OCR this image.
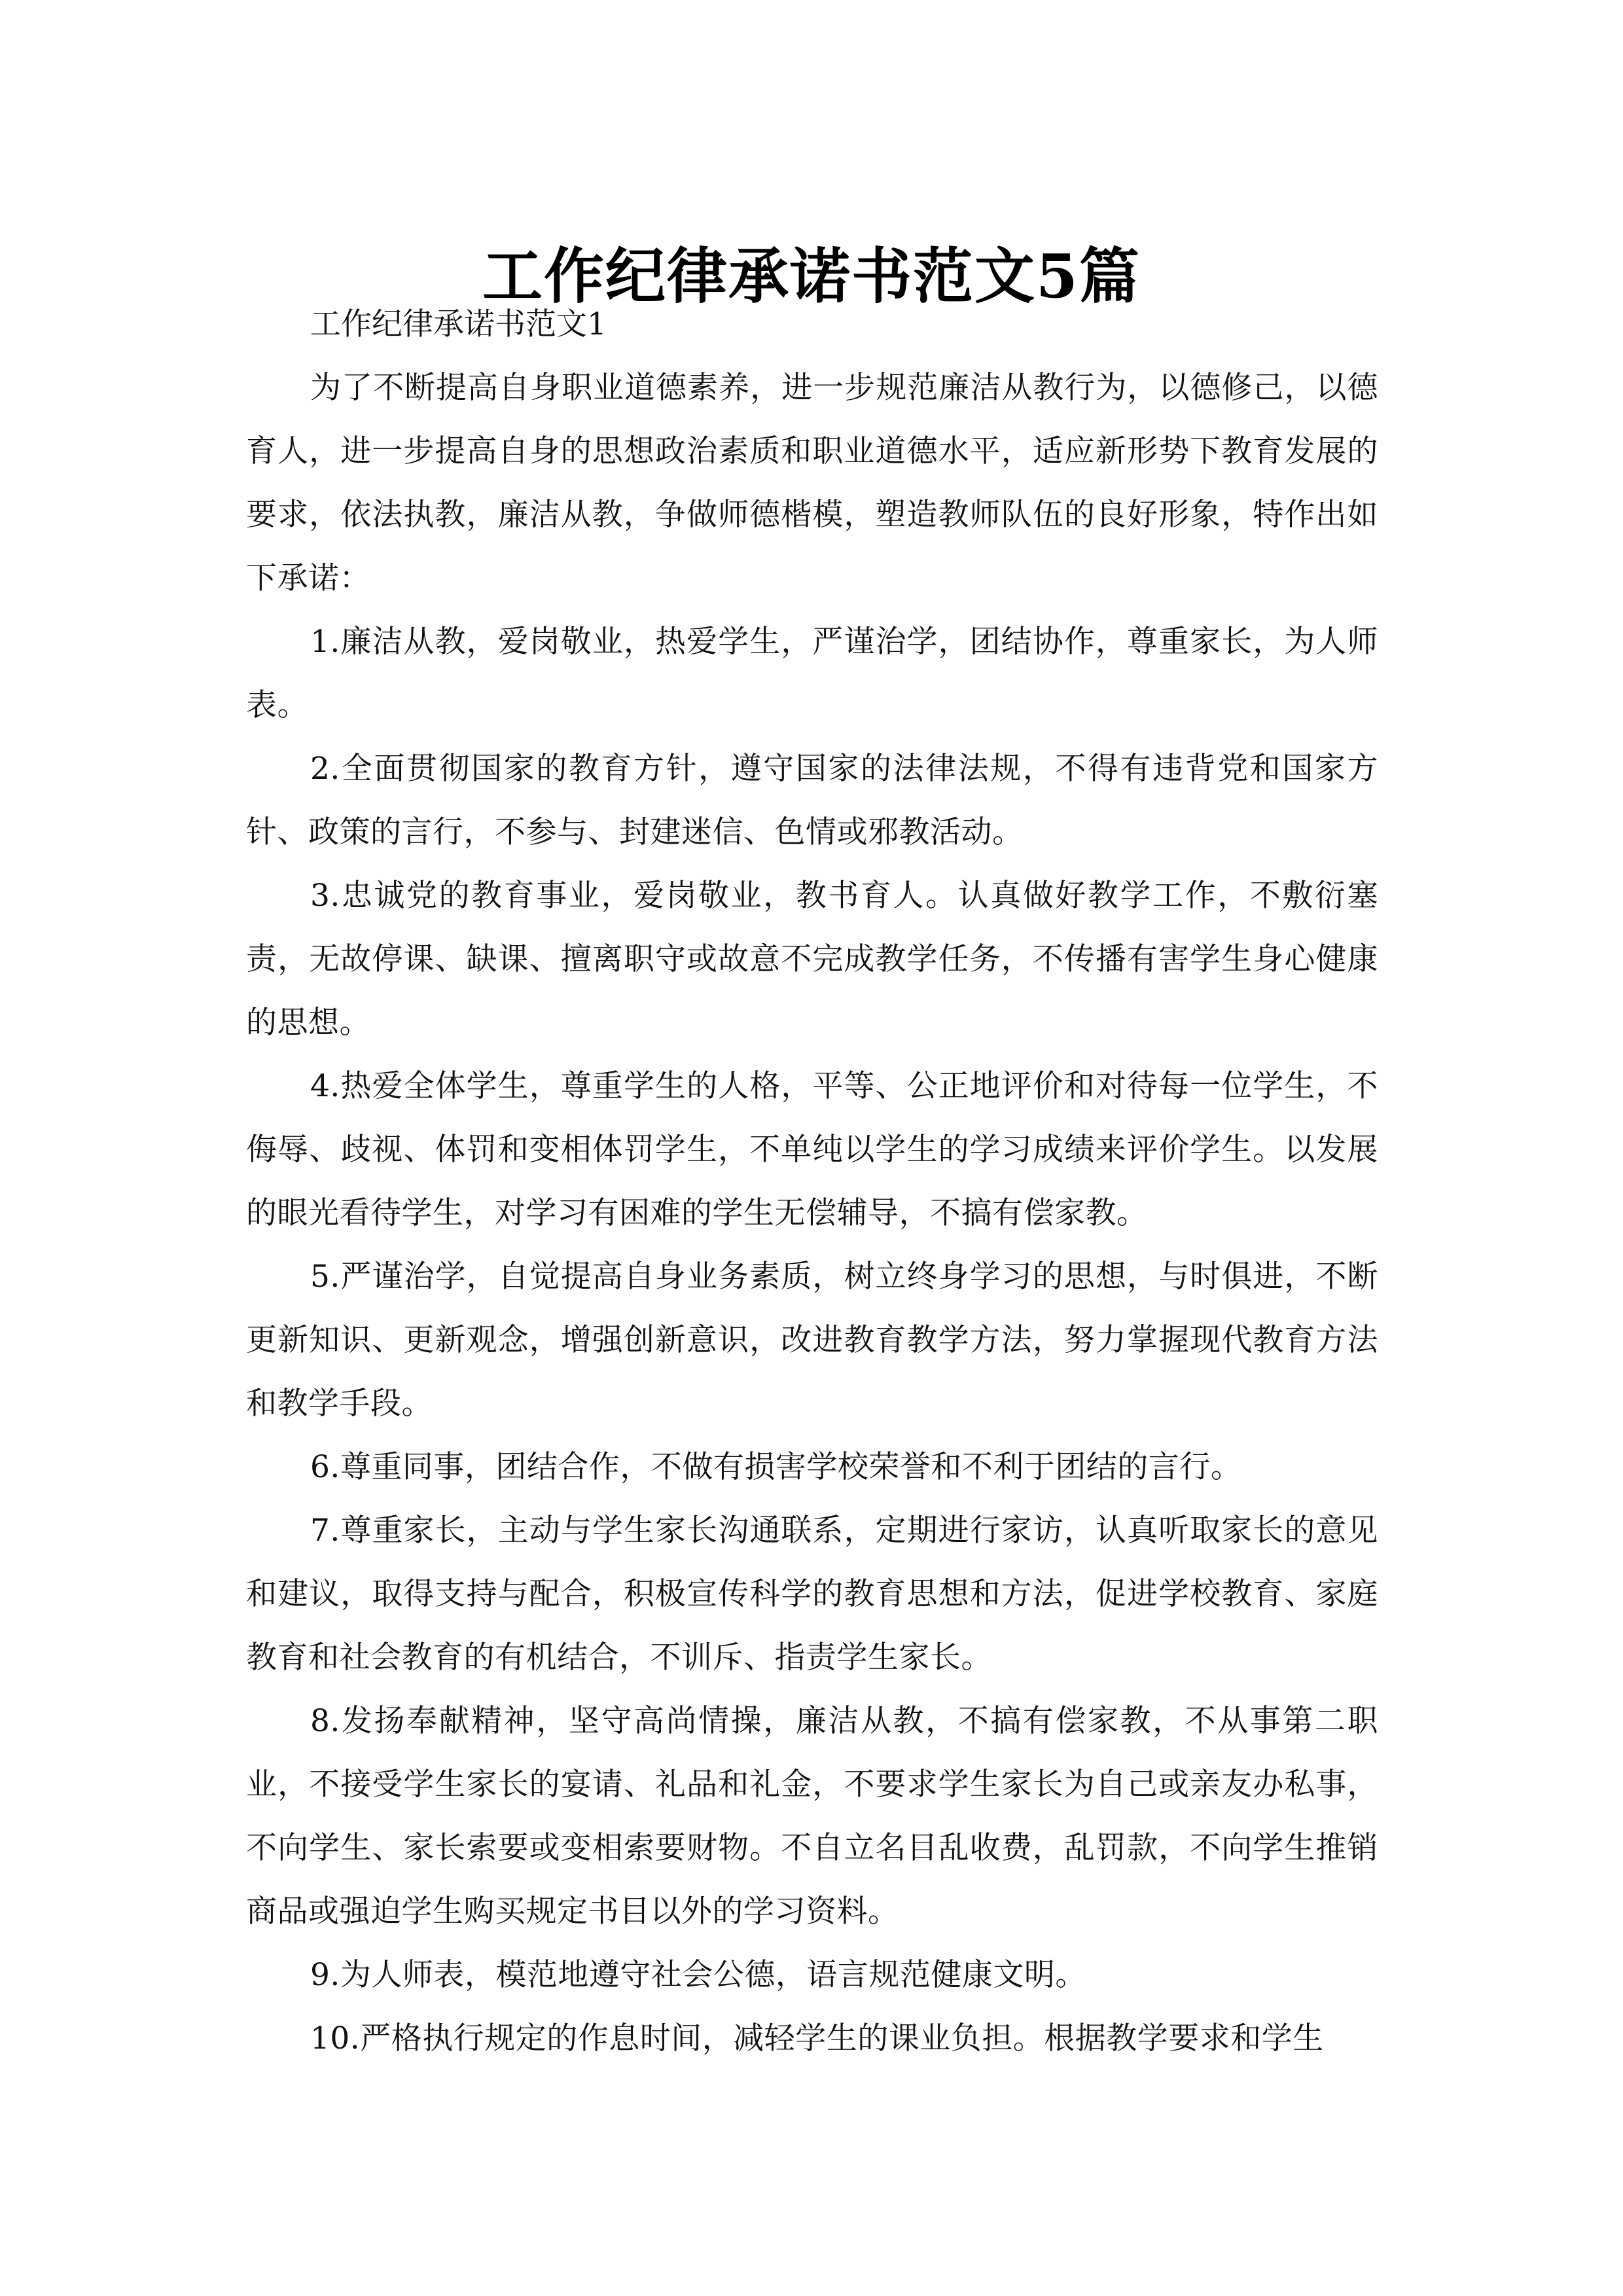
工作纪律承诺书范文5篇

工作纪律承诺书范文1

为了不断提高自身职业道德素养，进一步规范廉洁从教行为，以德修己，以德育人，进一步提高自身的思想政治素质和职业道德水平，适应新形势下教育发展的要求，依法执教，廉洁从教，争做师德楷模，塑造教师队伍的良好形象，特作出如下承诺：

1.廉洁从教，爱岗敬业，热爱学生，严谨治学，团结协作，尊重家长，为人师表。

2.全面贯彻国家的教育方针，遵守国家的法律法规，不得有违背党和国家方针、政策的言行，不参与、封建迷信、色情或邪教活动。

3.忠诚党的教育事业，爱岗敬业，教书育人。认真做好教学工作，不敷衍塞责，无故停课、缺课、擅离职守或故意不完成教学任务，不传播有害学生身心健康的思想。

4.热爱全体学生，尊重学生的人格，平等、公正地评价和对待每一位学生，不侮辱、歧视、体罚和变相体罚学生，不单纯以学生的学习成绩来评价学生。以发展的眼光看待学生，对学习有困难的学生无偿辅导，不搞有偿家教。

5.严谨治学，自觉提高自身业务素质，树立终身学习的思想，与时俱进，不断更新知识、更新观念，增强创新意识，改进教育教学方法，努力掌握现代教育方法和教学手段。

6.尊重同事，团结合作，不做有损害学校荣誉和不利于团结的言行。

7.尊重家长，主动与学生家长沟通联系，定期进行家访，认真听取家长的意见和建议，取得支持与配合，积极宣传科学的教育思想和方法，促进学校教育、家庭教育和社会教育的有机结合，不训斥、指责学生家长。

8.发扬奉献精神，坚守高尚情操，廉洁从教，不搞有偿家教，不从事第二职业，不接受学生家长的宴请、礼品和礼金，不要求学生家长为自己或亲友办私事，不向学生、家长索要或变相索要财物。不自立名目乱收费，乱罚款，不向学生推销商品或强迫学生购买规定书目以外的学习资料。

9.为人师表，模范地遵守社会公德，语言规范健康文明。

10.严格执行规定的作息时间，减轻学生的课业负担。根据教学要求和学生
